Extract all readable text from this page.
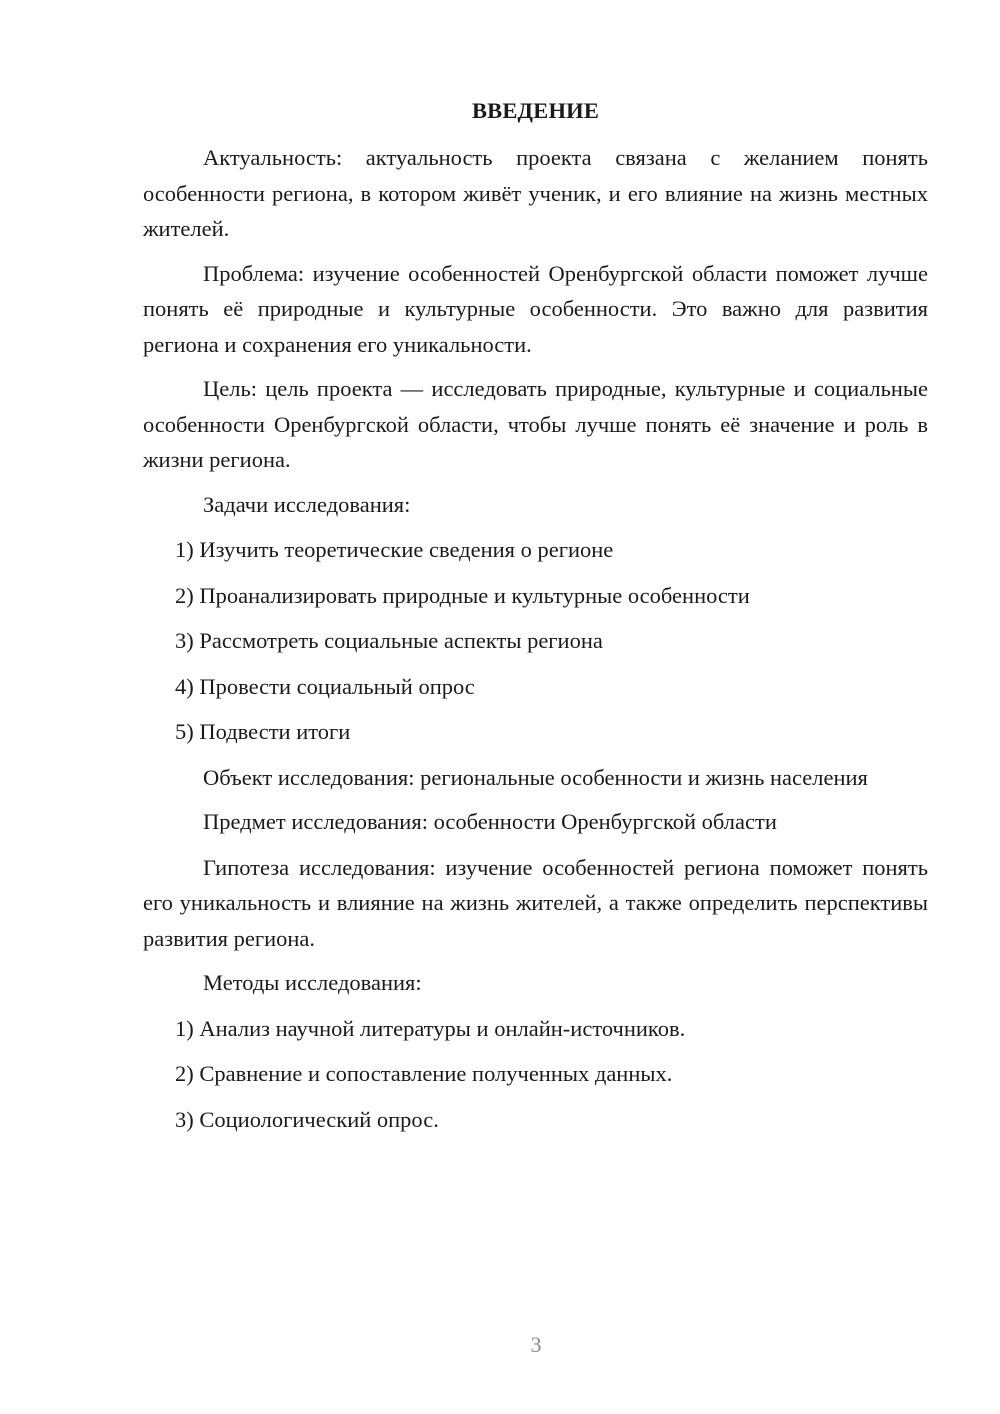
ВВЕДЕНИЕ

Актуальность: актуальность проекта связана с желанием понять особенности региона, в котором живёт ученик, и его влияние на жизнь местных жителей.

Проблема: изучение особенностей Оренбургской области поможет лучше понять её природные и культурные особенности. Это важно для развития региона и сохранения его уникальности.

Цель: цель проекта — исследовать природные, культурные и социальные особенности Оренбургской области, чтобы лучше понять её значение и роль в жизни региона.

Задачи исследования:
1) Изучить теоретические сведения о регионе
2) Проанализировать природные и культурные особенности
3) Рассмотреть социальные аспекты региона
4) Провести социальный опрос
5) Подвести итоги

Объект исследования: региональные особенности и жизнь населения

Предмет исследования: особенности Оренбургской области

Гипотеза исследования: изучение особенностей региона поможет понять его уникальность и влияние на жизнь жителей, а также определить перспективы развития региона.

Методы исследования:
1) Анализ научной литературы и онлайн-источников.
2) Сравнение и сопоставление полученных данных.
3) Социологический опрос.
3
